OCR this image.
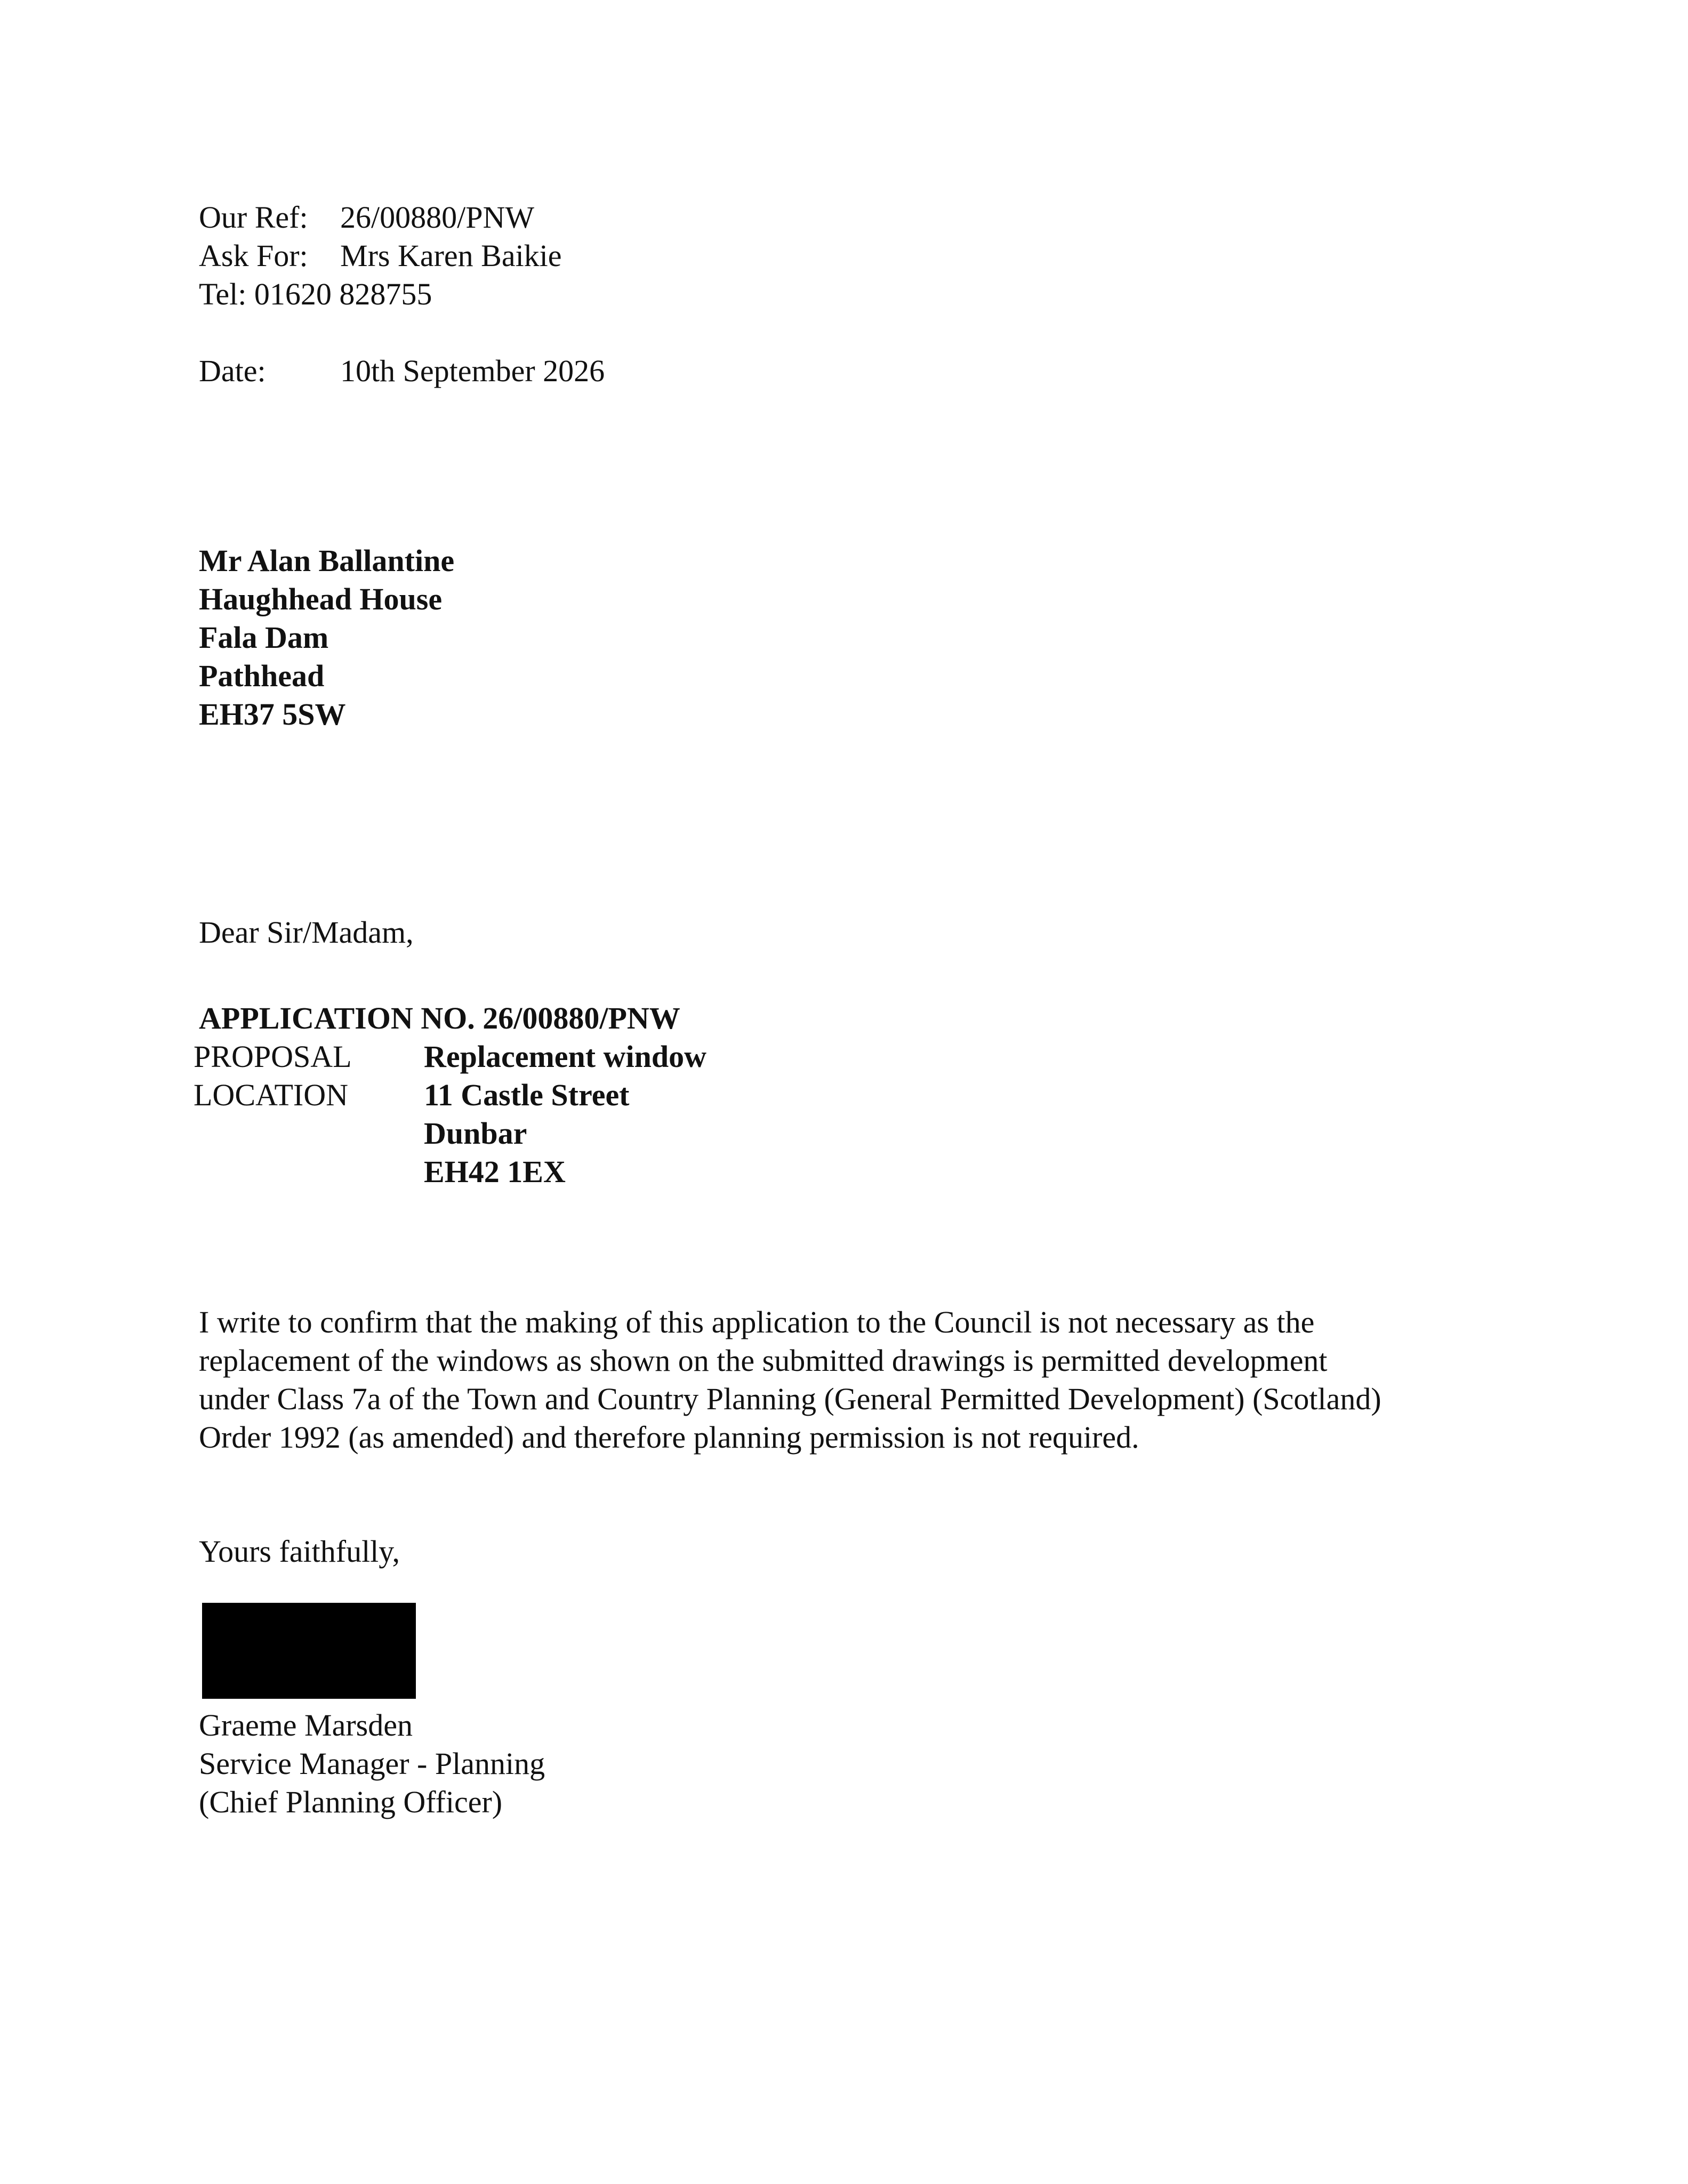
Our Ref: 26/00880/PNW
Ask For: Mrs Karen Baikie
Tel: 01620 828755
Date: 10th September 2026
Mr Alan Ballantine
Haughhead House
Fala Dam
Pathhead
EH37 5SW
Dear Sir/Madam,
APPLICATION NO. 26/00880/PNW
PROPOSAL Replacement window
LOCATION 11 Castle Street
Dunbar
EH42 1EX
I write to confirm that the making of this application to the Council is not necessary as the
replacement of the windows as shown on the submitted drawings is permitted development
under Class 7a of the Town and Country Planning (General Permitted Development) (Scotland)
Order 1992 (as amended) and therefore planning permission is not required.
Yours faithfully,
Graeme Marsden
Service Manager - Planning
(Chief Planning Officer)
